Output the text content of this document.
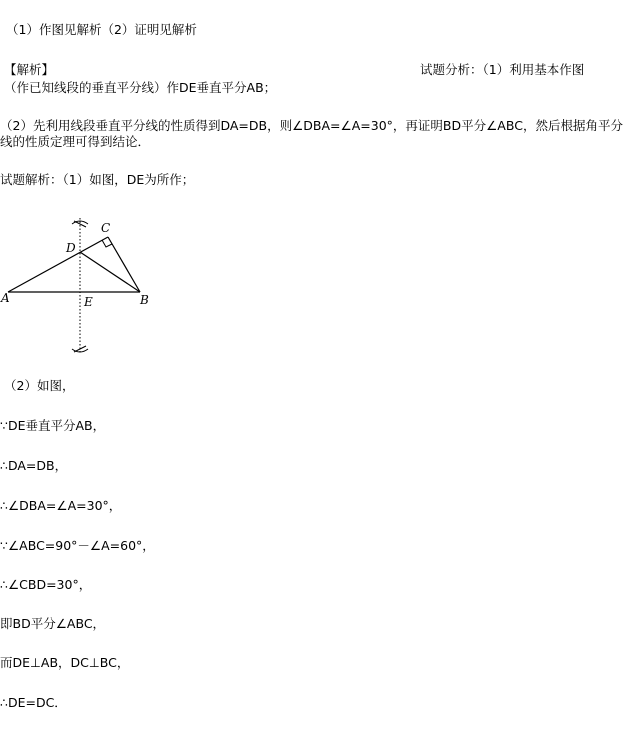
（1）作图见解析（2）证明见解析
【解析】	试题分析：（1）利用基本作图
（作已知线段的垂直平分线）作DE垂直平分AB；
（2）先利用线段垂直平分线的性质得到DA=DB，则∠DBA=∠A=30°，再证明BD平分∠ABC，然后根据角平分线的性质定理可得到结论．
试题解析：（1）如图，DE为所作；
A	B
C
D
E
（2）如图，
∵DE垂直平分AB，
∴DA=DB，
∴∠DBA=∠A=30°，
∵∠ABC=90°－∠A=60°，
∴∠CBD=30°，
即BD平分∠ABC，
而DE⊥AB，DC⊥BC，
∴DE=DC．
